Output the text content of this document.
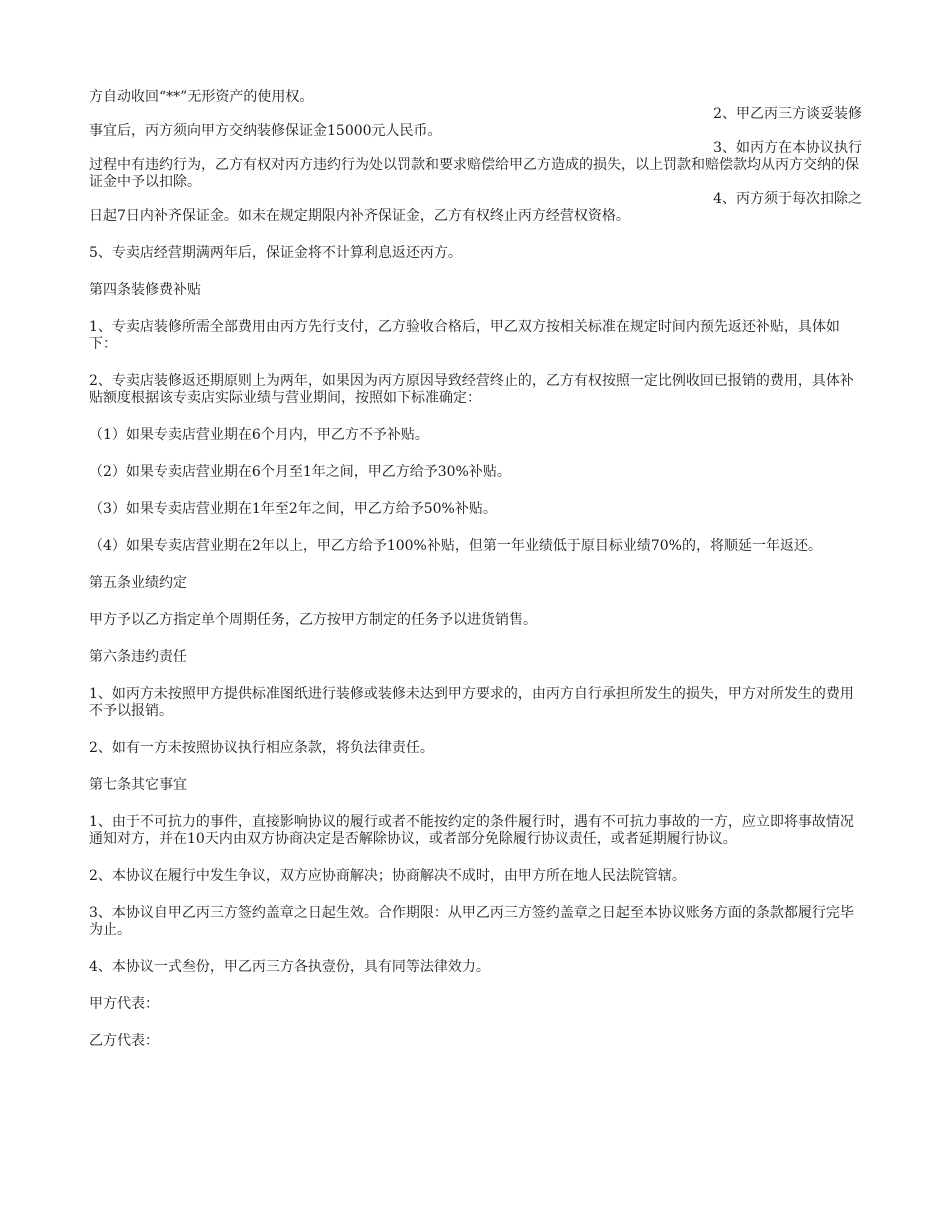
方自动收回“**”无形资产的使用权。

2、甲乙丙三方谈妥装修

事宜后，丙方须向甲方交纳装修保证金15000元人民币。

3、如丙方在本协议执行

过程中有违约行为，乙方有权对丙方违约行为处以罚款和要求赔偿给甲乙方造成的损失，以上罚款和赔偿款均从丙方交纳的保证金中予以扣除。

4、丙方须于每次扣除之

日起7日内补齐保证金。如未在规定期限内补齐保证金，乙方有权终止丙方经营权资格。

5、专卖店经营期满两年后，保证金将不计算利息返还丙方。

第四条装修费补贴

1、专卖店装修所需全部费用由丙方先行支付，乙方验收合格后，甲乙双方按相关标准在规定时间内预先返还补贴，具体如下：

2、专卖店装修返还期原则上为两年，如果因为丙方原因导致经营终止的，乙方有权按照一定比例收回已报销的费用，具体补贴额度根据该专卖店实际业绩与营业期间，按照如下标准确定：

（1）如果专卖店营业期在6个月内，甲乙方不予补贴。

（2）如果专卖店营业期在6个月至1年之间，甲乙方给予30%补贴。

（3）如果专卖店营业期在1年至2年之间，甲乙方给予50%补贴。

（4）如果专卖店营业期在2年以上，甲乙方给予100%补贴，但第一年业绩低于原目标业绩70%的，将顺延一年返还。

第五条业绩约定

甲方予以乙方指定单个周期任务，乙方按甲方制定的任务予以进货销售。

第六条违约责任

1、如丙方未按照甲方提供标准图纸进行装修或装修未达到甲方要求的，由丙方自行承担所发生的损失，甲方对所发生的费用不予以报销。

2、如有一方未按照协议执行相应条款，将负法律责任。

第七条其它事宜

1、由于不可抗力的事件，直接影响协议的履行或者不能按约定的条件履行时，遇有不可抗力事故的一方，应立即将事故情况通知对方，并在10天内由双方协商决定是否解除协议，或者部分免除履行协议责任，或者延期履行协议。

2、本协议在履行中发生争议，双方应协商解决；协商解决不成时，由甲方所在地人民法院管辖。

3、本协议自甲乙丙三方签约盖章之日起生效。合作期限：从甲乙丙三方签约盖章之日起至本协议账务方面的条款都履行完毕为止。

4、本协议一式叁份，甲乙丙三方各执壹份，具有同等法律效力。

甲方代表：

乙方代表：
